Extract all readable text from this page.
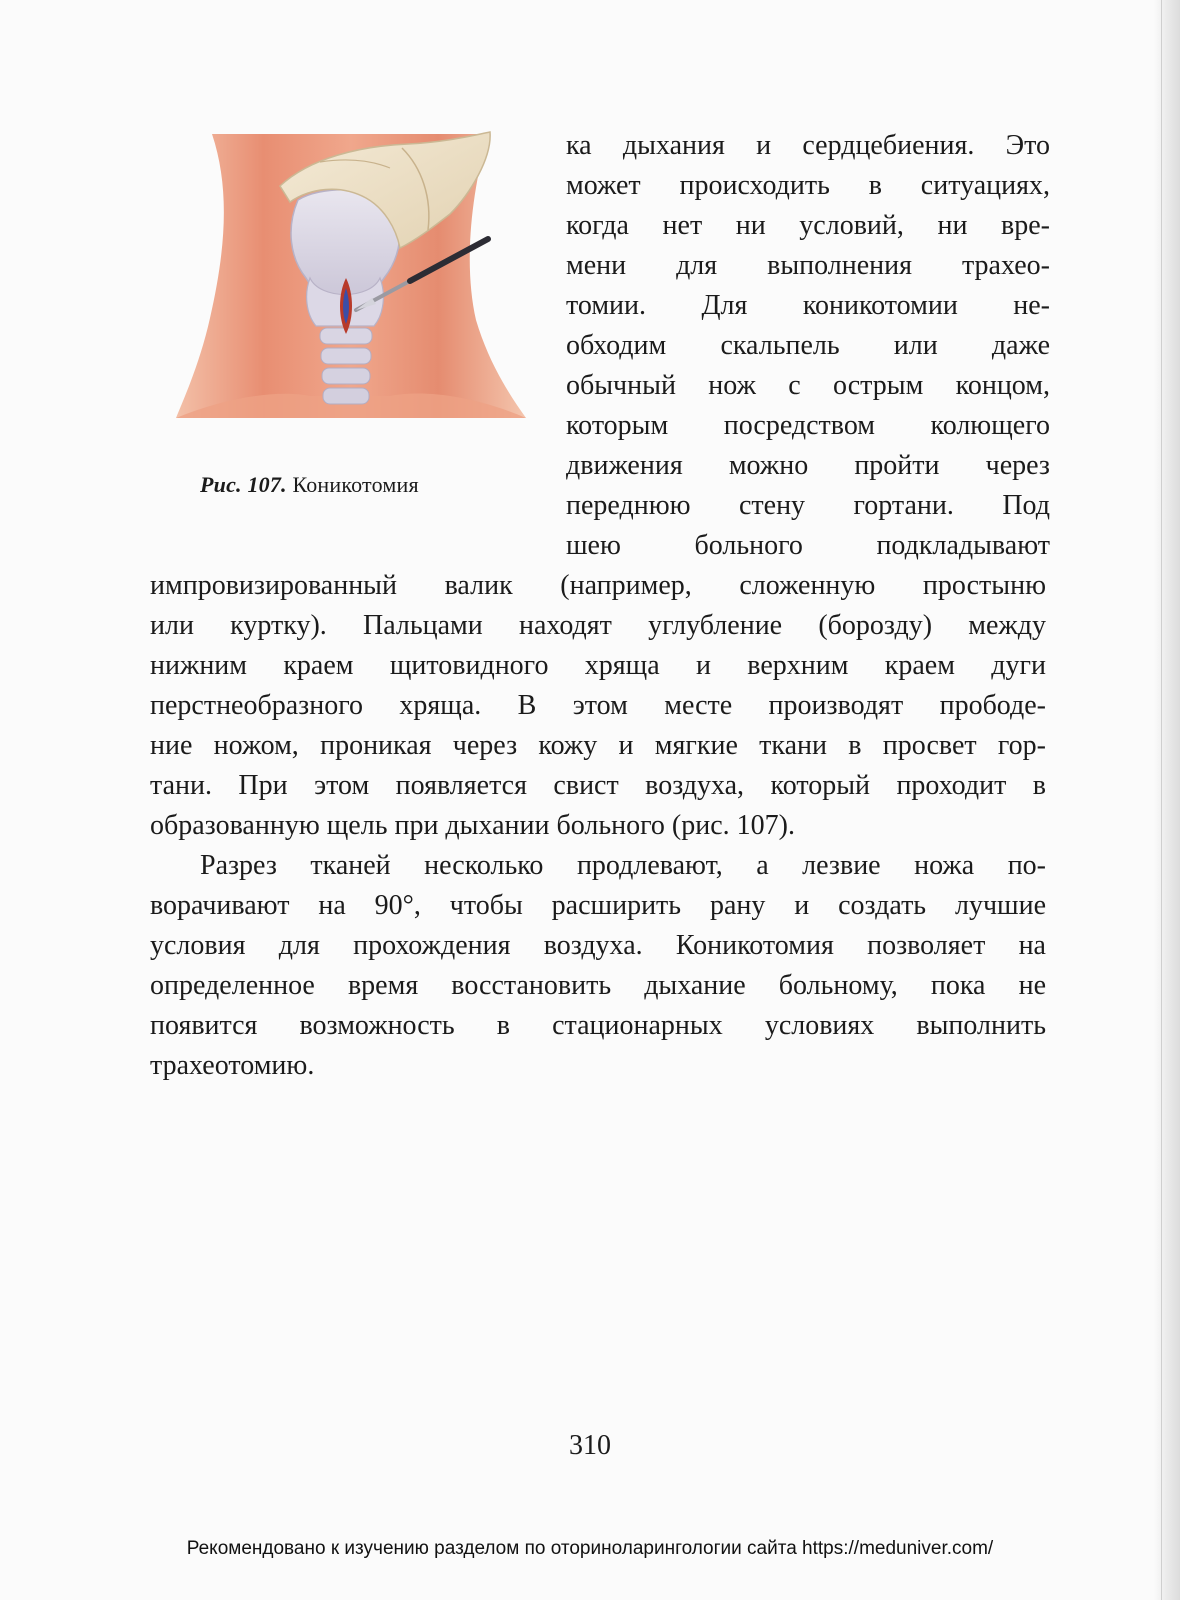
Рис. 107. Коникотомия
ка дыхания и сердцебиения. Это
может происходить в ситуациях,
когда нет ни условий, ни вре-
мени для выполнения трахео-
томии. Для коникотомии не-
обходим скальпель или даже
обычный нож с острым концом,
которым посредством колющего
движения можно пройти через
переднюю стену гортани. Под
шею больного подкладывают
импровизированный валик (например, сложенную простыню
или куртку). Пальцами находят углубление (борозду) между
нижним краем щитовидного хряща и верхним краем дуги
перстнеобразного хряща. В этом месте производят прободе-
ние ножом, проникая через кожу и мягкие ткани в просвет гор-
тани. При этом появляется свист воздуха, который проходит в
образованную щель при дыхании больного (рис. 107).
Разрез тканей несколько продлевают, а лезвие ножа по-
ворачивают на 90°, чтобы расширить рану и создать лучшие
условия для прохождения воздуха. Коникотомия позволяет на
определенное время восстановить дыхание больному, пока не
появится возможность в стационарных условиях выполнить
трахеотомию.
310
Рекомендовано к изучению разделом по оториноларингологии сайта https://meduniver.com/
